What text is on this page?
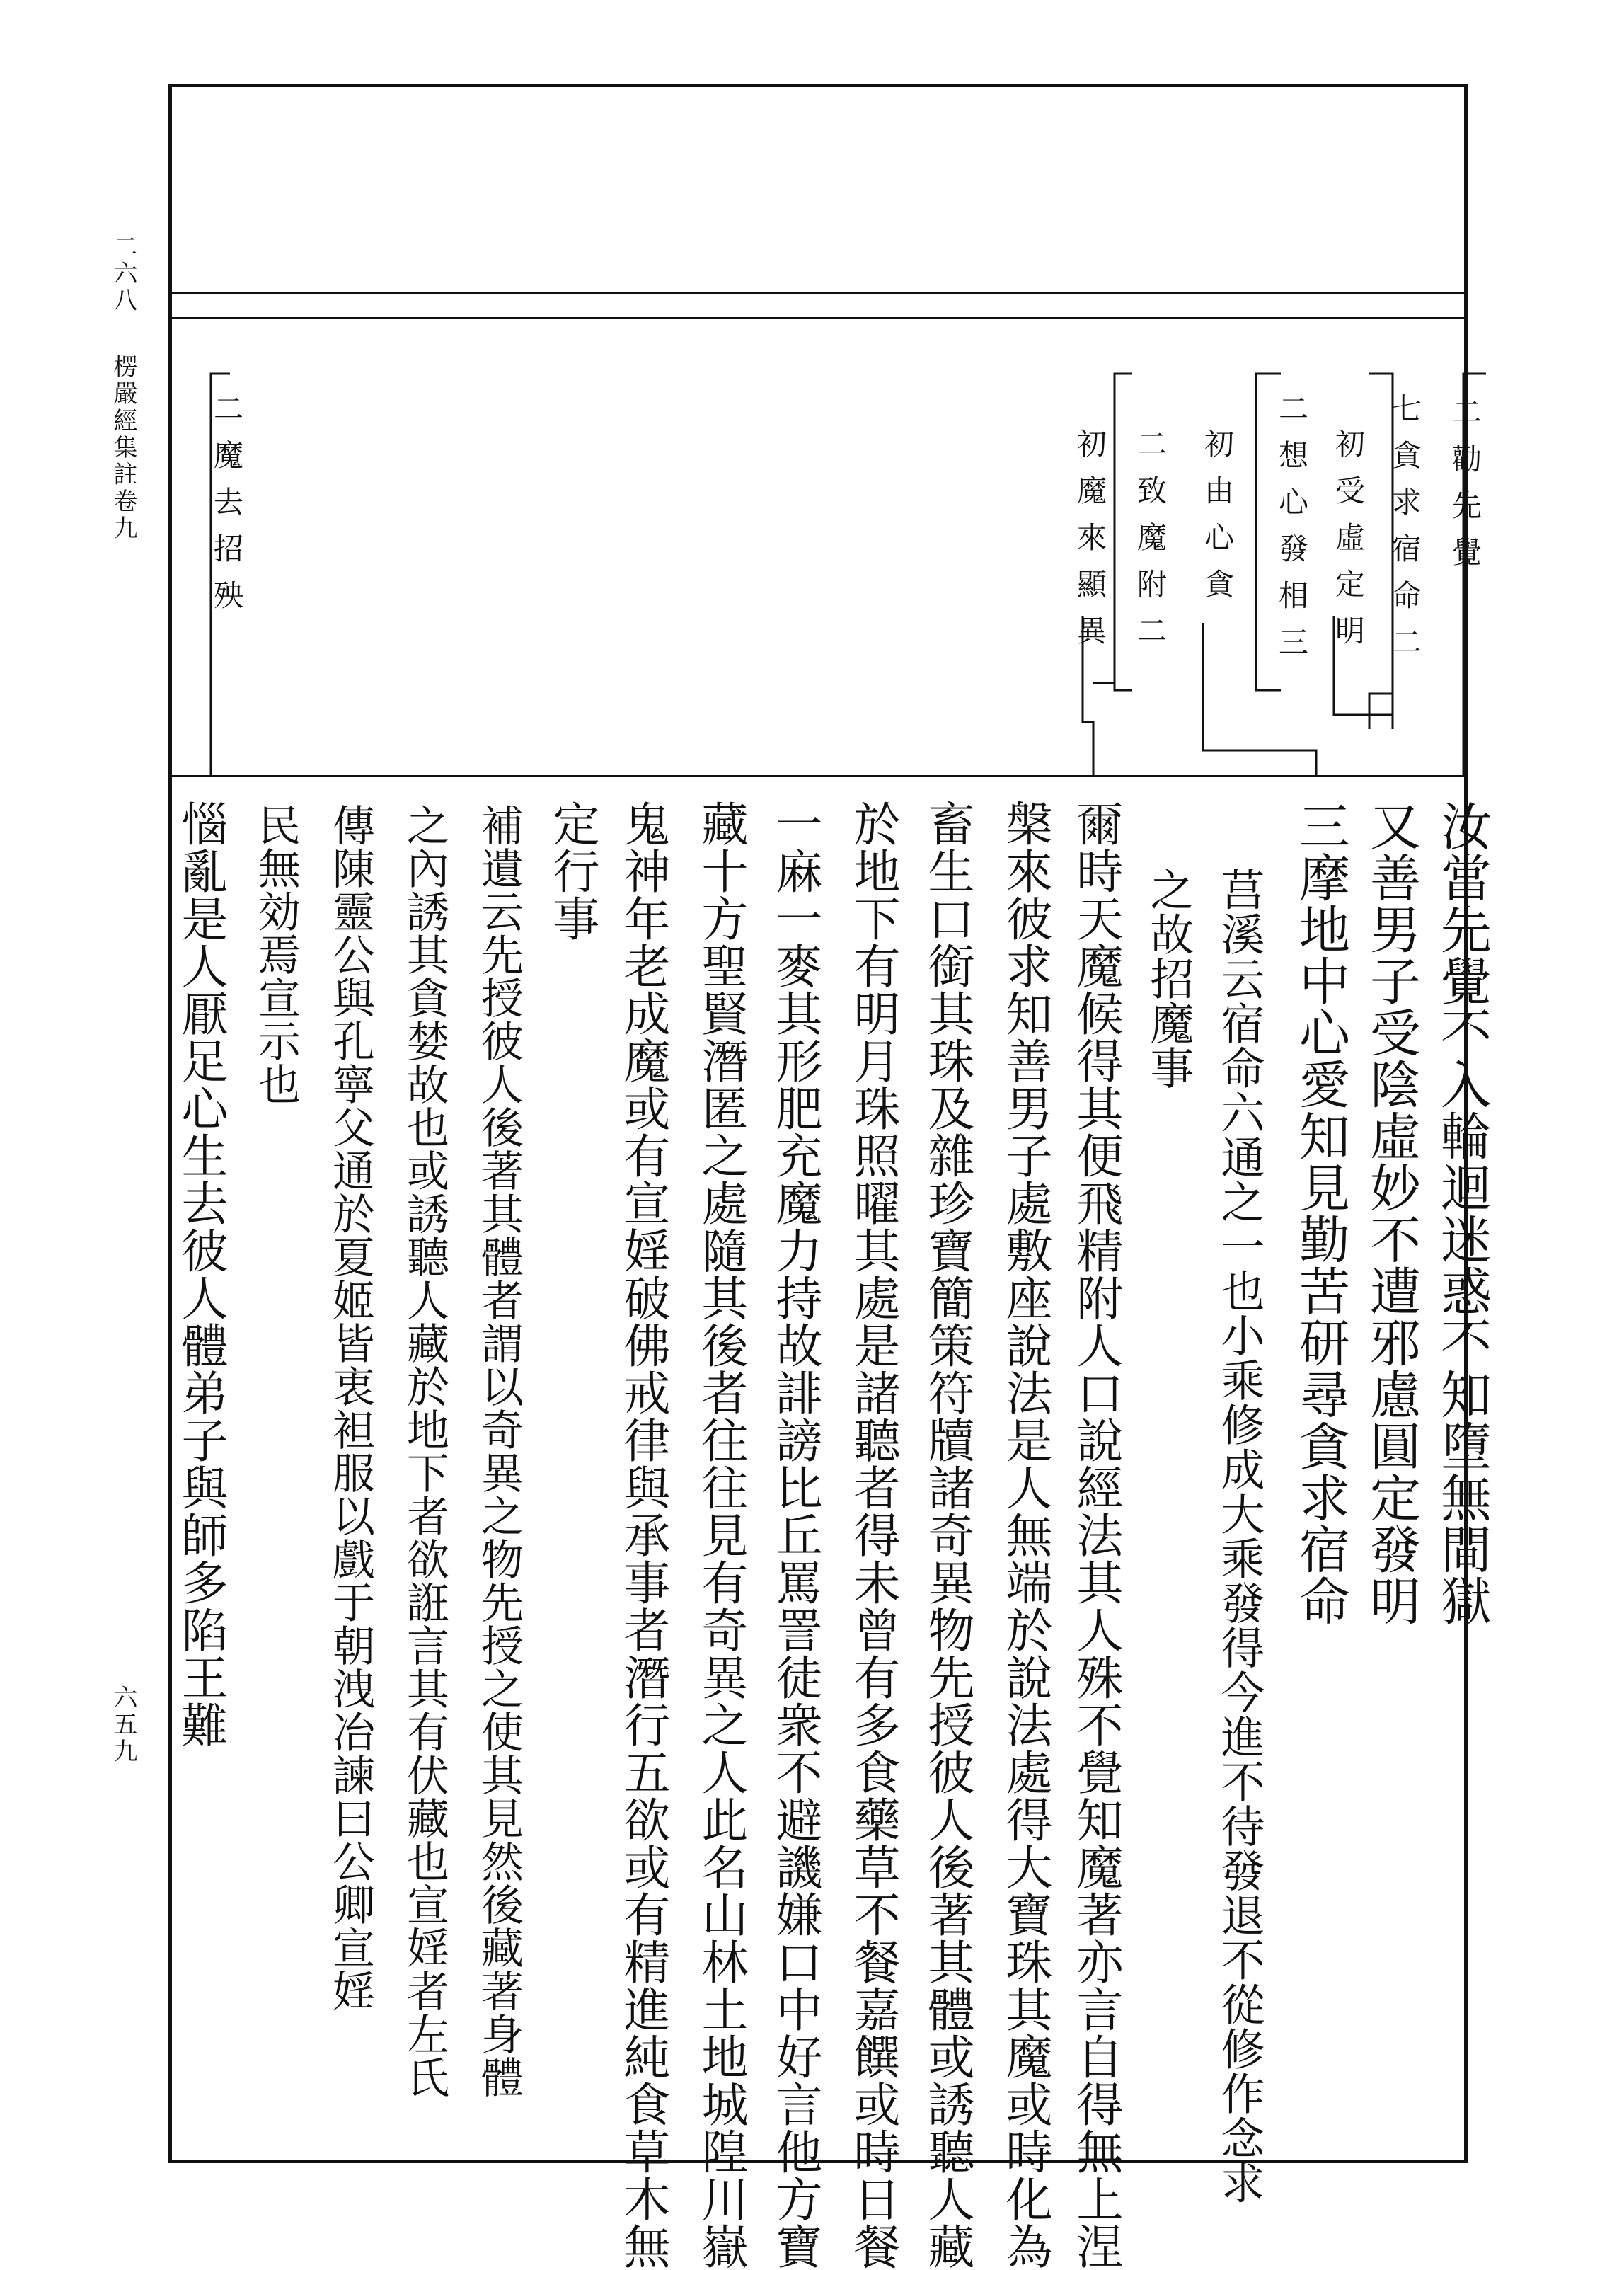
二六八
楞嚴經集註卷九
六五九
二勸先覺
七貪求宿命二
初受虛定明
二想心發相三
初由心貪
二致魔附二
初魔來顯異
二魔去招殃
汝當先覺不入輪迴迷惑不知墮無間獄
又善男子受陰虛妙不遭邪慮圓定發明
三摩地中心愛知見勤苦研尋貪求宿命
莒溪云宿命六通之一也小乘修成大乘發得今進不待發退不從修作念求
之故招魔事
爾時天魔候得其便飛精附人口說經法其人殊不覺知魔著亦言自得無上涅
槃來彼求知善男子處敷座說法是人無端於說法處得大寶珠其魔或時化為
畜生口銜其珠及雜珍寶簡策符牘諸奇異物先授彼人後著其體或誘聽人藏
於地下有明月珠照曜其處是諸聽者得未曾有多食藥草不餐嘉饌或時日餐
一麻一麥其形肥充魔力持故誹謗比丘罵詈徒衆不避譏嫌口中好言他方寶
藏十方聖賢潛匿之處隨其後者往往見有奇異之人此名山林土地城隍川嶽
鬼神年老成魔或有宣婬破佛戒律與承事者潛行五欲或有精進純食草木無
定行事
補遺云先授彼人後著其體者謂以奇異之物先授之使其見然後藏著身體
之內誘其貪婪故也或誘聽人藏於地下者欲誑言其有伏藏也宣婬者左氏
傳陳靈公與孔寧父通於夏姬皆衷袒服以戲于朝洩冶諫曰公卿宣婬
民無効焉宣示也
惱亂是人厭足心生去彼人體弟子與師多陷王難
